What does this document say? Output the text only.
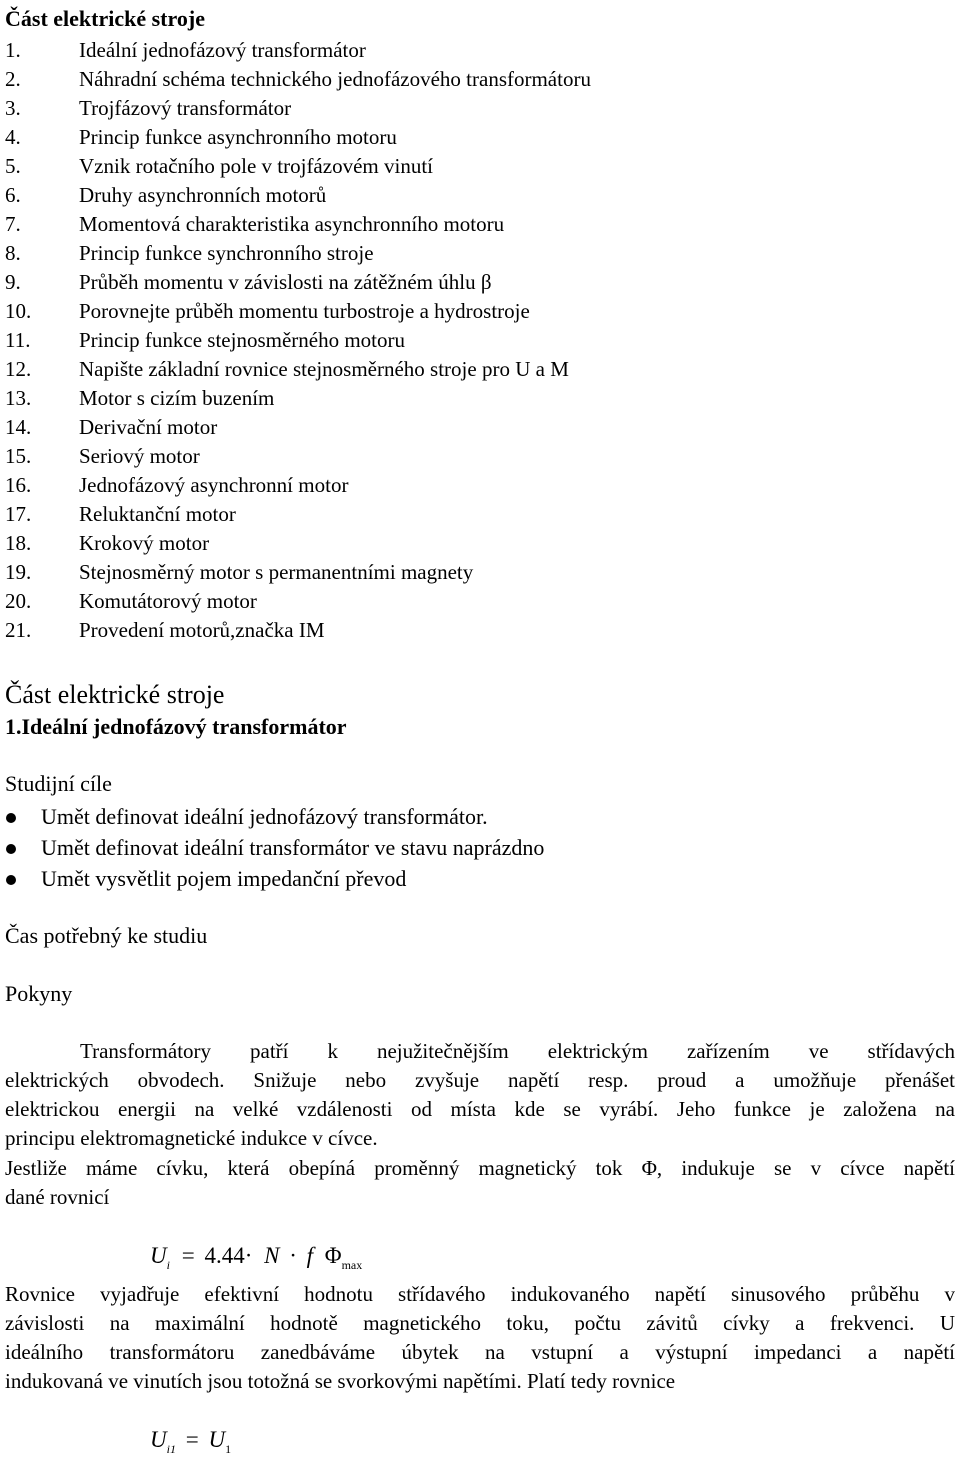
Část elektrické stroje
1.	Ideální jednofázový transformátor
2.	Náhradní schéma technického jednofázového transformátoru
3.	Trojfázový transformátor
4.	Princip funkce asynchronního motoru
5.	Vznik rotačního pole v trojfázovém vinutí
6.	Druhy asynchronních motorů
7.	Momentová charakteristika asynchronního motoru
8.	Princip funkce synchronního stroje
9.	Průběh momentu v závislosti na zátěžném úhlu β
10. Porovnejte průběh momentu turbostroje a hydrostroje
11. Princip funkce stejnosměrného motoru
12. Napište základní rovnice stejnosměrného stroje pro U a M
13. Motor s cizím buzením
14. Derivační motor
15. Seriový motor
16. Jednofázový asynchronní motor
17. Reluktanční motor
18. Krokový motor
19. Stejnosměrný motor s permanentními magnety
20. Komutátorový motor
21. Provedení motorů,značka IM
Část elektrické stroje
1.Ideální jednofázový transformátor
Studijní cíle
Umět definovat ideální jednofázový transformátor.
Umět definovat ideální transformátor ve stavu naprázdno
Umět vysvětlit pojem impedanční převod
Čas potřebný ke studiu
Pokyny
Transformátory patří k nejužitečnějším elektrickým zařízením ve střídavých
elektrických obvodech. Snižuje nebo zvyšuje napětí resp. proud a umožňuje přenášet
elektrickou energii na velké vzdálenosti od místa kde se vyrábí. Jeho funkce je založena na
principu elektromagnetické indukce v cívce.
Jestliže máme cívku, která obepíná proměnný magnetický tok Φ, indukuje se v cívce napětí
dané rovnicí
$U_i = 4.44\cdot N \cdot f$ $\Phi_{max}$
Rovnice vyjadřuje efektivní hodnotu střídavého indukovaného napětí sinusového průběhu v
závislosti na maximální hodnotě magnetického toku, počtu závitů cívky a frekvenci. U
ideálního transformátoru zanedbáváme úbytek na vstupní a výstupní impedanci a napětí
indukovaná ve vinutích jsou totožná se svorkovými napětími. Platí tedy rovnice
$U_{i1} = U_1$
